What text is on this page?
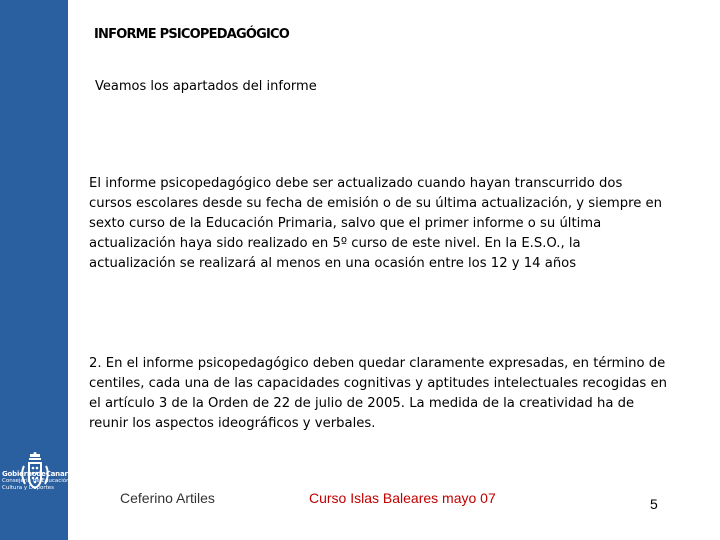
GobiernodeCanarias
Consejería de Educación,
Cultura y Deportes
INFORME PSICOPEDAGÓGICO
Veamos los apartados del informe

El informe psicopedagógico debe ser actualizado cuando hayan transcurrido dos cursos escolares desde su fecha de emisión o de su última actualización, y siempre en sexto curso de la Educación Primaria, salvo que el primer informe o su última actualización haya sido realizado en 5º curso de este nivel. En la E.S.O., la actualización se realizará al menos en una ocasión entre los 12 y 14 años

2. En el informe psicopedagógico deben quedar claramente expresadas, en término de centiles, cada una de las capacidades cognitivas y aptitudes intelectuales recogidas en el artículo 3 de la Orden de 22 de julio de 2005. La medida de la creatividad ha de reunir los aspectos ideográficos y verbales.

Ceferino Artiles	Curso Islas Baleares mayo 07	5
